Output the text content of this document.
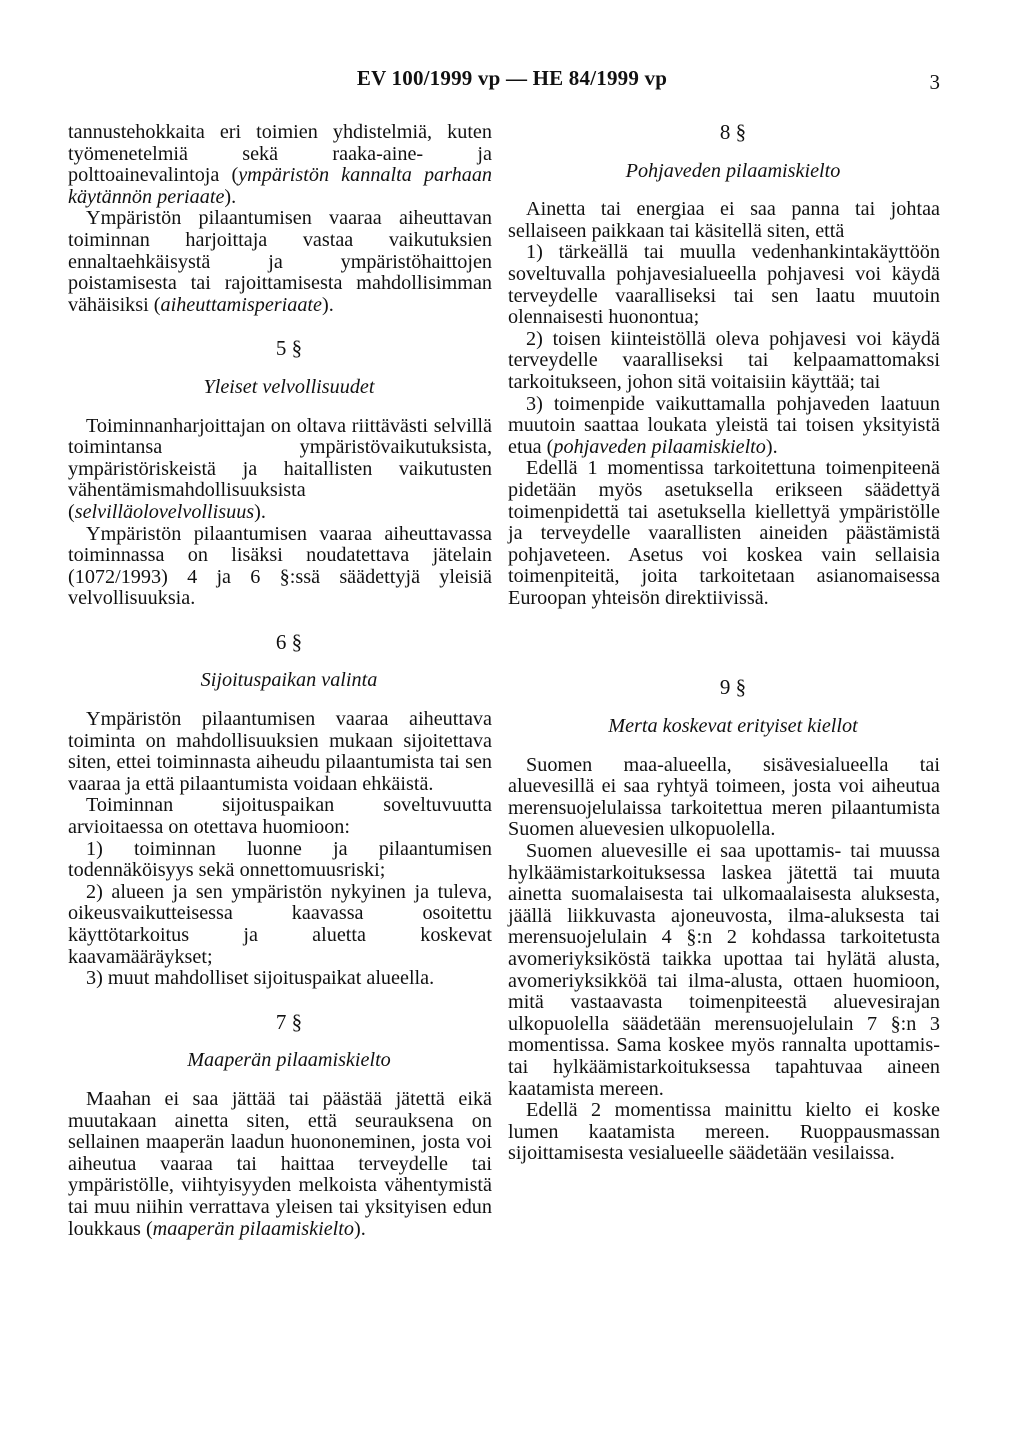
EV 100/1999 vp — HE 84/1999 vp	3

tannustehokkaita eri toimien yhdistelmiä, kuten työmenetelmiä sekä raaka-aine- ja polttoainevalintoja (ympäristön kannalta parhaan käytännön periaate).

Ympäristön pilaantumisen vaaraa aiheuttavan toiminnan harjoittaja vastaa vaikutuksien ennaltaehkäisystä ja ympäristöhaittojen poistamisesta tai rajoittamisesta mahdollisimman vähäisiksi (aiheuttamisperiaate).

5 §

Yleiset velvollisuudet

Toiminnanharjoittajan on oltava riittävästi selvillä toimintansa ympäristövaikutuksista, ympäristöriskeistä ja haitallisten vaikutusten vähentämismahdollisuuksista (selvilläolovelvollisuus).

Ympäristön pilaantumisen vaaraa aiheuttavassa toiminnassa on lisäksi noudatettava jätelain (1072/1993) 4 ja 6 §:ssä säädettyjä yleisiä velvollisuuksia.

6 §

Sijoituspaikan valinta

Ympäristön pilaantumisen vaaraa aiheuttava toiminta on mahdollisuuksien mukaan sijoitettava siten, ettei toiminnasta aiheudu pilaantumista tai sen vaaraa ja että pilaantumista voidaan ehkäistä.

Toiminnan sijoituspaikan soveltuvuutta arvioitaessa on otettava huomioon:

1) toiminnan luonne ja pilaantumisen todennäköisyys sekä onnettomuusriski;

2) alueen ja sen ympäristön nykyinen ja tuleva, oikeusvaikutteisessa kaavassa osoitettu käyttötarkoitus ja aluetta koskevat kaavamääräykset;

3) muut mahdolliset sijoituspaikat alueella.

7 §

Maaperän pilaamiskielto

Maahan ei saa jättää tai päästää jätettä eikä muutakaan ainetta siten, että seurauksena on sellainen maaperän laadun huononeminen, josta voi aiheutua vaaraa tai haittaa terveydelle tai ympäristölle, viihtyisyyden melkoista vähentymistä tai muu niihin verrattava yleisen tai yksityisen edun loukkaus (maaperän pilaamiskielto).

8 §

Pohjaveden pilaamiskielto

Ainetta tai energiaa ei saa panna tai johtaa sellaiseen paikkaan tai käsitellä siten, että

1) tärkeällä tai muulla vedenhankintakäyttöön soveltuvalla pohjavesialueella pohjavesi voi käydä terveydelle vaaralliseksi tai sen laatu muutoin olennaisesti huonontua;

2) toisen kiinteistöllä oleva pohjavesi voi käydä terveydelle vaaralliseksi tai kelpaamattomaksi tarkoitukseen, johon sitä voitaisiin käyttää; tai

3) toimenpide vaikuttamalla pohjaveden laatuun muutoin saattaa loukata yleistä tai toisen yksityistä etua (pohjaveden pilaamiskielto).

Edellä 1 momentissa tarkoitettuna toimenpiteenä pidetään myös asetuksella erikseen säädettyä toimenpidettä tai asetuksella kiellettyä ympäristölle ja terveydelle vaarallisten aineiden päästämistä pohjaveteen. Asetus voi koskea vain sellaisia toimenpiteitä, joita tarkoitetaan asianomaisessa Euroopan yhteisön direktiivissä.

9 §

Merta koskevat erityiset kiellot

Suomen maa-alueella, sisävesialueella tai aluevesillä ei saa ryhtyä toimeen, josta voi aiheutua merensuojelulaissa tarkoitettua meren pilaantumista Suomen aluevesien ulkopuolella.

Suomen aluevesille ei saa upottamis- tai muussa hylkäämistarkoituksessa laskea jätettä tai muuta ainetta suomalaisesta tai ulkomaalaisesta aluksesta, jäällä liikkuvasta ajoneuvosta, ilma-aluksesta tai merensuojelulain 4 §:n 2 kohdassa tarkoitetusta avomeriyksiköstä taikka upottaa tai hylätä alusta, avomeriyksikköä tai ilma-alusta, ottaen huomioon, mitä vastaavasta toimenpiteestä aluevesirajan ulkopuolella säädetään merensuojelulain 7 §:n 3 momentissa. Sama koskee myös rannalta upottamis- tai hylkäämistarkoituksessa tapahtuvaa aineen kaatamista mereen.

Edellä 2 momentissa mainittu kielto ei koske lumen kaatamista mereen. Ruoppausmassan sijoittamisesta vesialueelle säädetään vesilaissa.
